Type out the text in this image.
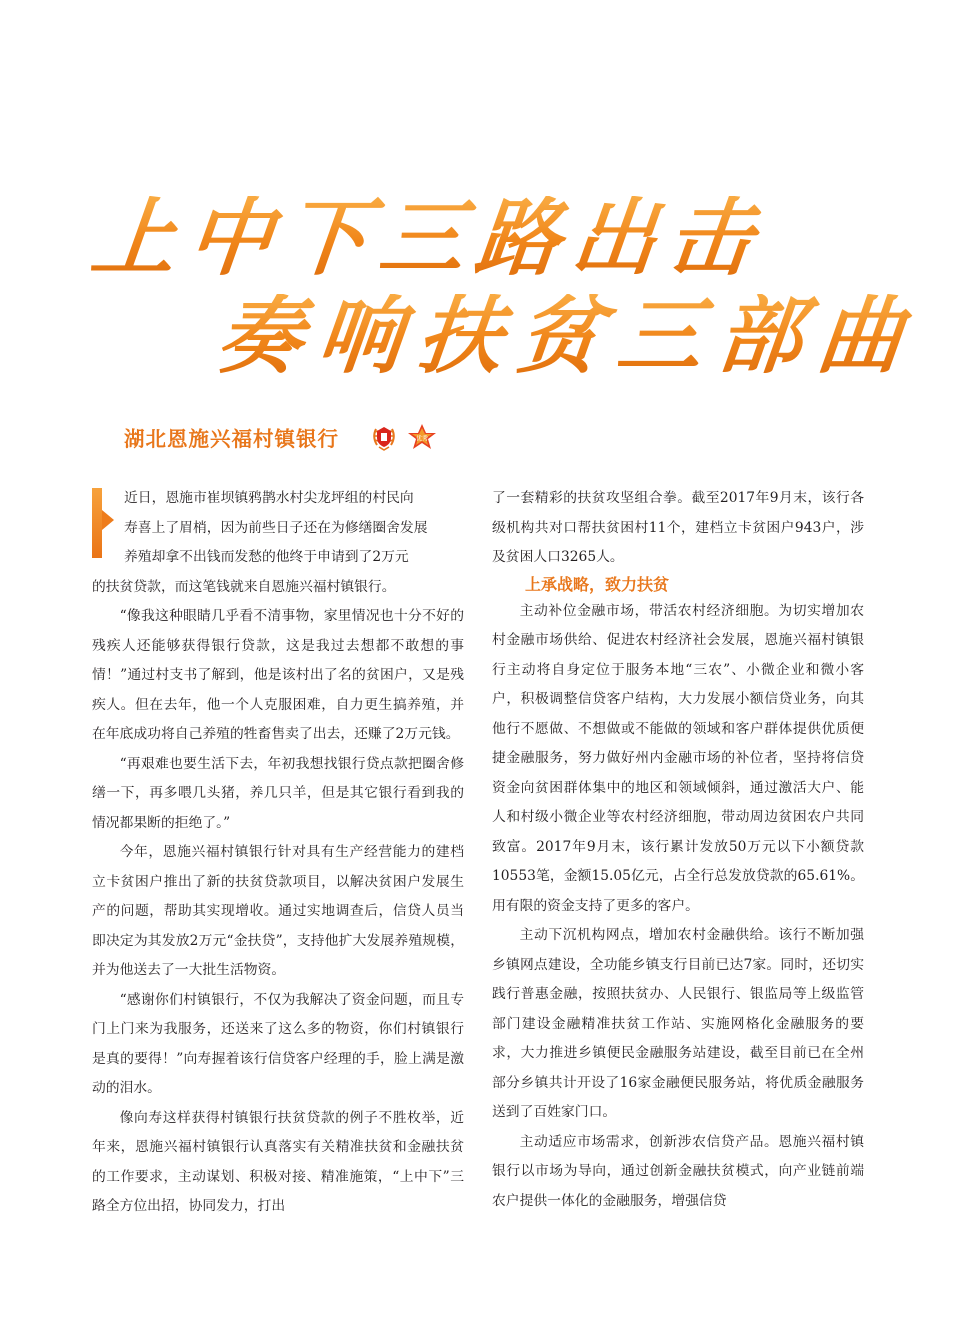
上中下三路出击
奏响扶贫三部曲
湖北恩施兴福村镇银行	优秀

近日，恩施市崔坝镇鸦鹊水村尖龙坪组的村民向

寿喜上了眉梢，因为前些日子还在为修缮圈舍发展

养殖却拿不出钱而发愁的他终于申请到了2万元

的扶贫贷款，而这笔钱就来自恩施兴福村镇银行。

“像我这种眼睛几乎看不清事物，家里情况也十分不好的残疾人还能够获得银行贷款，这是我过去想都不敢想的事情！”通过村支书了解到，他是该村出了名的贫困户，又是残疾人。但在去年，他一个人克服困难，自力更生搞养殖，并在年底成功将自己养殖的牲畜售卖了出去，还赚了2万元钱。

“再艰难也要生活下去，年初我想找银行贷点款把圈舍修缮一下，再多喂几头猪，养几只羊，但是其它银行看到我的情况都果断的拒绝了。”

今年，恩施兴福村镇银行针对具有生产经营能力的建档立卡贫困户推出了新的扶贫贷款项目，以解决贫困户发展生产的问题，帮助其实现增收。通过实地调查后，信贷人员当即决定为其发放2万元“金扶贷”，支持他扩大发展养殖规模，并为他送去了一大批生活物资。

“感谢你们村镇银行，不仅为我解决了资金问题，而且专门上门来为我服务，还送来了这么多的物资，你们村镇银行是真的要得！”向寿握着该行信贷客户经理的手，脸上满是激动的泪水。

像向寿这样获得村镇银行扶贫贷款的例子不胜枚举，近年来，恩施兴福村镇银行认真落实有关精准扶贫和金融扶贫的工作要求，主动谋划、积极对接、精准施策，“上中下”三路全方位出招，协同发力，打出

了一套精彩的扶贫攻坚组合拳。截至2017年9月末，该行各级机构共对口帮扶贫困村11个，建档立卡贫困户943户，涉及贫困人口3265人。

上承战略，致力扶贫

主动补位金融市场，带活农村经济细胞。为切实增加农村金融市场供给、促进农村经济社会发展，恩施兴福村镇银行主动将自身定位于服务本地“三农”、小微企业和微小客户，积极调整信贷客户结构，大力发展小额信贷业务，向其他行不愿做、不想做或不能做的领域和客户群体提供优质便捷金融服务，努力做好州内金融市场的补位者，坚持将信贷资金向贫困群体集中的地区和领域倾斜，通过激活大户、能人和村级小微企业等农村经济细胞，带动周边贫困农户共同致富。2017年9月末，该行累计发放50万元以下小额贷款10553笔，金额15.05亿元，占全行总发放贷款的65.61%。用有限的资金支持了更多的客户。

主动下沉机构网点，增加农村金融供给。该行不断加强乡镇网点建设，全功能乡镇支行目前已达7家。同时，还切实践行普惠金融，按照扶贫办、人民银行、银监局等上级监管部门建设金融精准扶贫工作站、实施网格化金融服务的要求，大力推进乡镇便民金融服务站建设，截至目前已在全州部分乡镇共计开设了16家金融便民服务站，将优质金融服务送到了百姓家门口。

主动适应市场需求，创新涉农信贷产品。恩施兴福村镇银行以市场为导向，通过创新金融扶贫模式，向产业链前端农户提供一体化的金融服务，增强信贷
